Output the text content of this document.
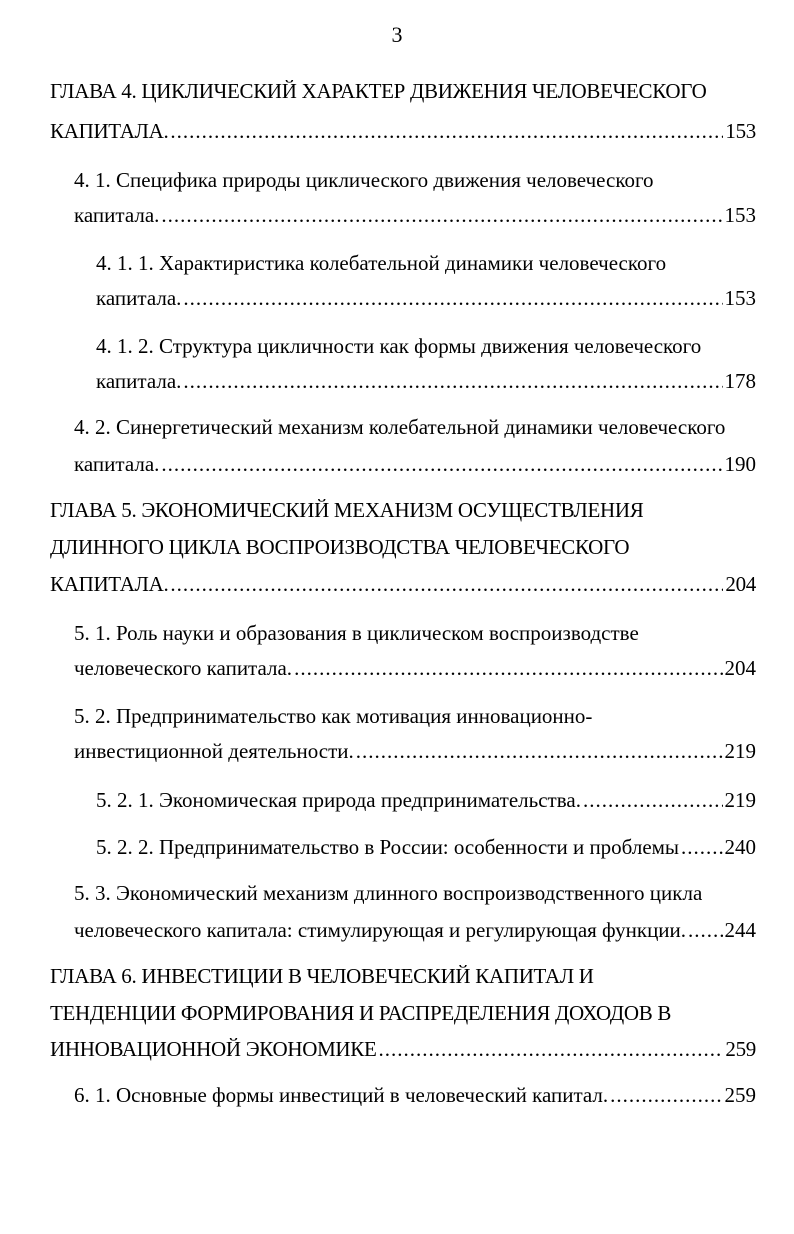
3
ГЛАВА 4. ЦИКЛИЧЕСКИЙ ХАРАКТЕР ДВИЖЕНИЯ ЧЕЛОВЕЧЕСКОГО
КАПИТАЛА. .....	153
4. 1. Специфика природы циклического движения человеческого
капитала. .....	153
4. 1. 1. Характиристика колебательной динамики человеческого
капитала. .....	153
4. 1. 2. Структура цикличности как формы движения человеческого
капитала. .....	178
4. 2. Синергетический механизм колебательной динамики человеческого
капитала. .....	190
ГЛАВА 5. ЭКОНОМИЧЕСКИЙ МЕХАНИЗМ ОСУЩЕСТВЛЕНИЯ
ДЛИННОГО ЦИКЛА ВОСПРОИЗВОДСТВА ЧЕЛОВЕЧЕСКОГО
КАПИТАЛА. .....	204
5. 1. Роль науки и образования в циклическом воспроизводстве
человеческого капитала. .....	204
5. 2. Предпринимательство как мотивация инновационно-
инвестиционной деятельности. .....	219
5. 2. 1. Экономическая природа предпринимательства. .....	219
5. 2. 2. Предпринимательство в России: особенности и проблемы ..... 240
5. 3. Экономический механизм длинного воспроизводственного цикла
человеческого капитала: стимулирующая и регулирующая функции. ..... 244
ГЛАВА 6. ИНВЕСТИЦИИ В ЧЕЛОВЕЧЕСКИЙ КАПИТАЛ И
ТЕНДЕНЦИИ ФОРМИРОВАНИЯ И РАСПРЕДЕЛЕНИЯ ДОХОДОВ В
ИННОВАЦИОННОЙ ЭКОНОМИКЕ .....	259
6. 1. Основные формы инвестиций в человеческий капитал. .....	259
